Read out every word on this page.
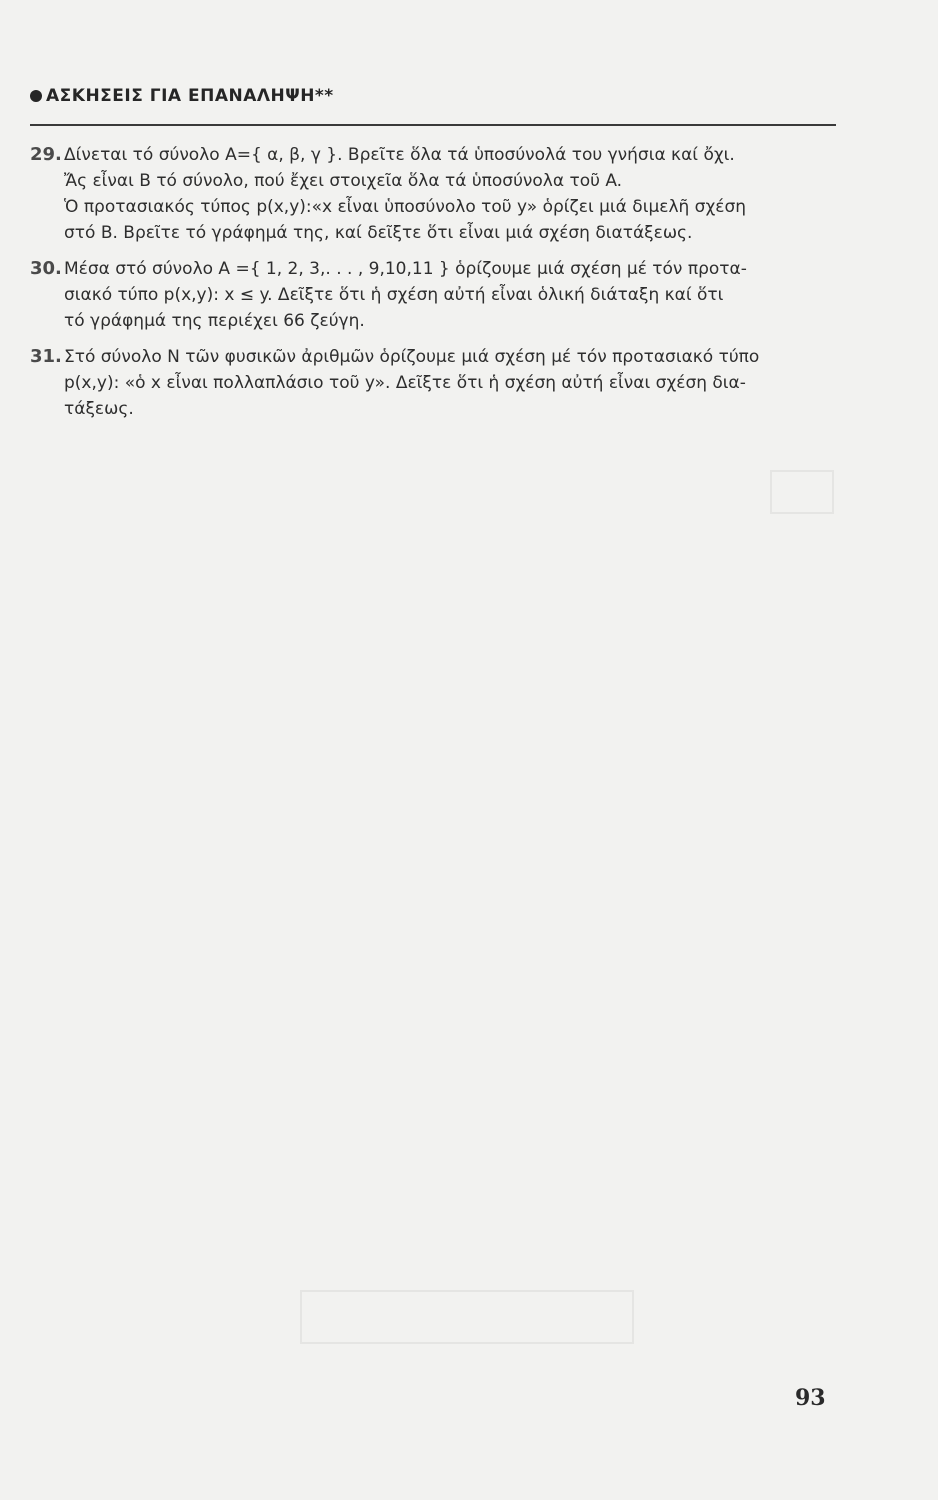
ΑΣΚΗΣΕΙΣ ΓΙΑ ΕΠΑΝΑΛΗΨΗ**
29. Δίνεται τό σύνολο A={ α, β, γ }. Βρεῖτε ὅλα τά ὑποσύνολά του γνήσια καί ὄχι.
Ἄς εἶναι B τό σύνολο, πού ἔχει στοιχεῖα ὅλα τά ὑποσύνολα τοῦ A.
Ὁ προτασιακός τύπος p(x,y):«x εἶναι ὑποσύνολο τοῦ y» ὁρίζει μιά διμελῆ σχέση
στό B. Βρεῖτε τό γράφημά της, καί δεῖξτε ὅτι εἶναι μιά σχέση διατάξεως.
30. Μέσα στό σύνολο A ={ 1, 2, 3,. . . , 9,10,11 } ὁρίζουμε μιά σχέση μέ τόν προτα-
σιακό τύπο p(x,y): x ≤ y. Δεῖξτε ὅτι ἡ σχέση αὐτή εἶναι ὁλική διάταξη καί ὅτι
τό γράφημά της περιέχει 66 ζεύγη.
31. Στό σύνολο N τῶν φυσικῶν ἀριθμῶν ὁρίζουμε μιά σχέση μέ τόν προτασιακό τύπο
p(x,y): «ὁ x εἶναι πολλαπλάσιο τοῦ y». Δεῖξτε ὅτι ἡ σχέση αὐτή εἶναι σχέση δια-
τάξεως.
93
